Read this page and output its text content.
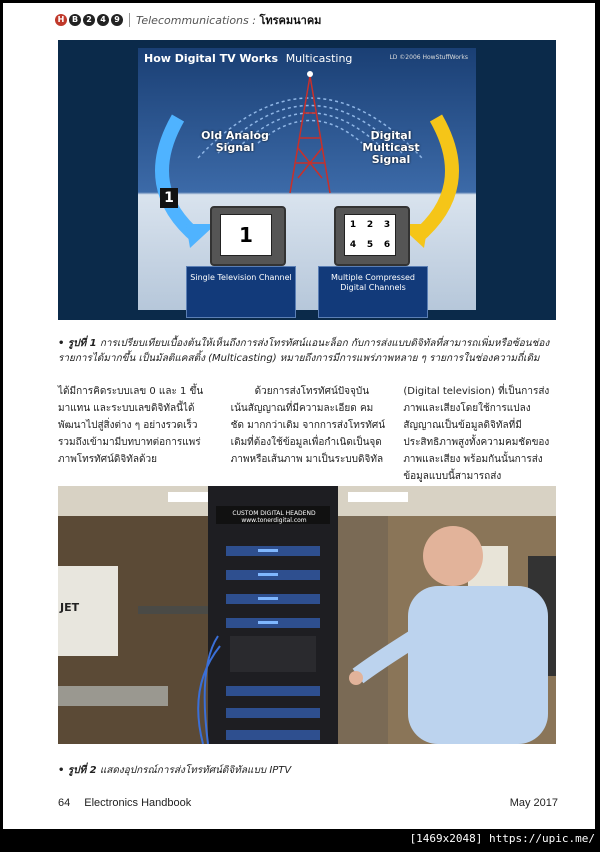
H B	2	4	9 Telecommunications : โทรคมนาคม
How Digital TV Works Multicasting	LD ©2006 HowStuffWorks
Old Analog Signal
Digital Multicast Signal
1
1	1	2	3
4	5	6
Single Television Channel	Multiple Compressed Digital Channels
• รูปที่ 1 การเปรียบเทียบเบื้องต้นให้เห็นถึงการส่งโทรทัศน์แอนะล็อก กับการส่งแบบดิจิทัลที่สามารถเพิ่มหรือซ้อนช่องรายการได้มากขึ้น เป็นมัลติแคสติ้ง (Multicasting) หมายถึงการมีการแพร่ภาพหลาย ๆ รายการในช่องความถี่เดิม
ได้มีการคิดระบบเลข 0 และ 1 ขึ้นมาแทน และระบบเลขดิจิทัลนี้ได้พัฒนาไปสู่สิ่งต่าง ๆ อย่างรวดเร็ว รวมถึงเข้ามามีบทบาทต่อการแพร่ภาพโทรทัศน์ดิจิทัลด้วย
ด้วยการส่งโทรทัศน์ปัจจุบันเน้นสัญญาณที่มีความละเอียด คมชัด มากกว่าเดิม จากการส่งโทรทัศน์เดิมที่ต้องใช้ข้อมูลเพื่อกำเนิดเป็นจุดภาพหรือเส้นภาพ มาเป็นระบบดิจิทัล
(Digital television) ที่เป็นการส่งภาพและเสียงโดยใช้การแปลงสัญญาณเป็นข้อมูลดิจิทัลที่มีประสิทธิภาพสูงทั้งความคมชัดของภาพและเสียง พร้อมกันนั้นการส่งข้อมูลแบบนี้สามารถส่ง
CUSTOM DIGITAL HEADEND
www.tonerdigital.com
JET
• รูปที่ 2 แสดงอุปกรณ์การส่งโทรทัศน์ดิจิทัลแบบ IPTV
64 Electronics Handbook	May 2017
[1469x2048] https://upic.me/
